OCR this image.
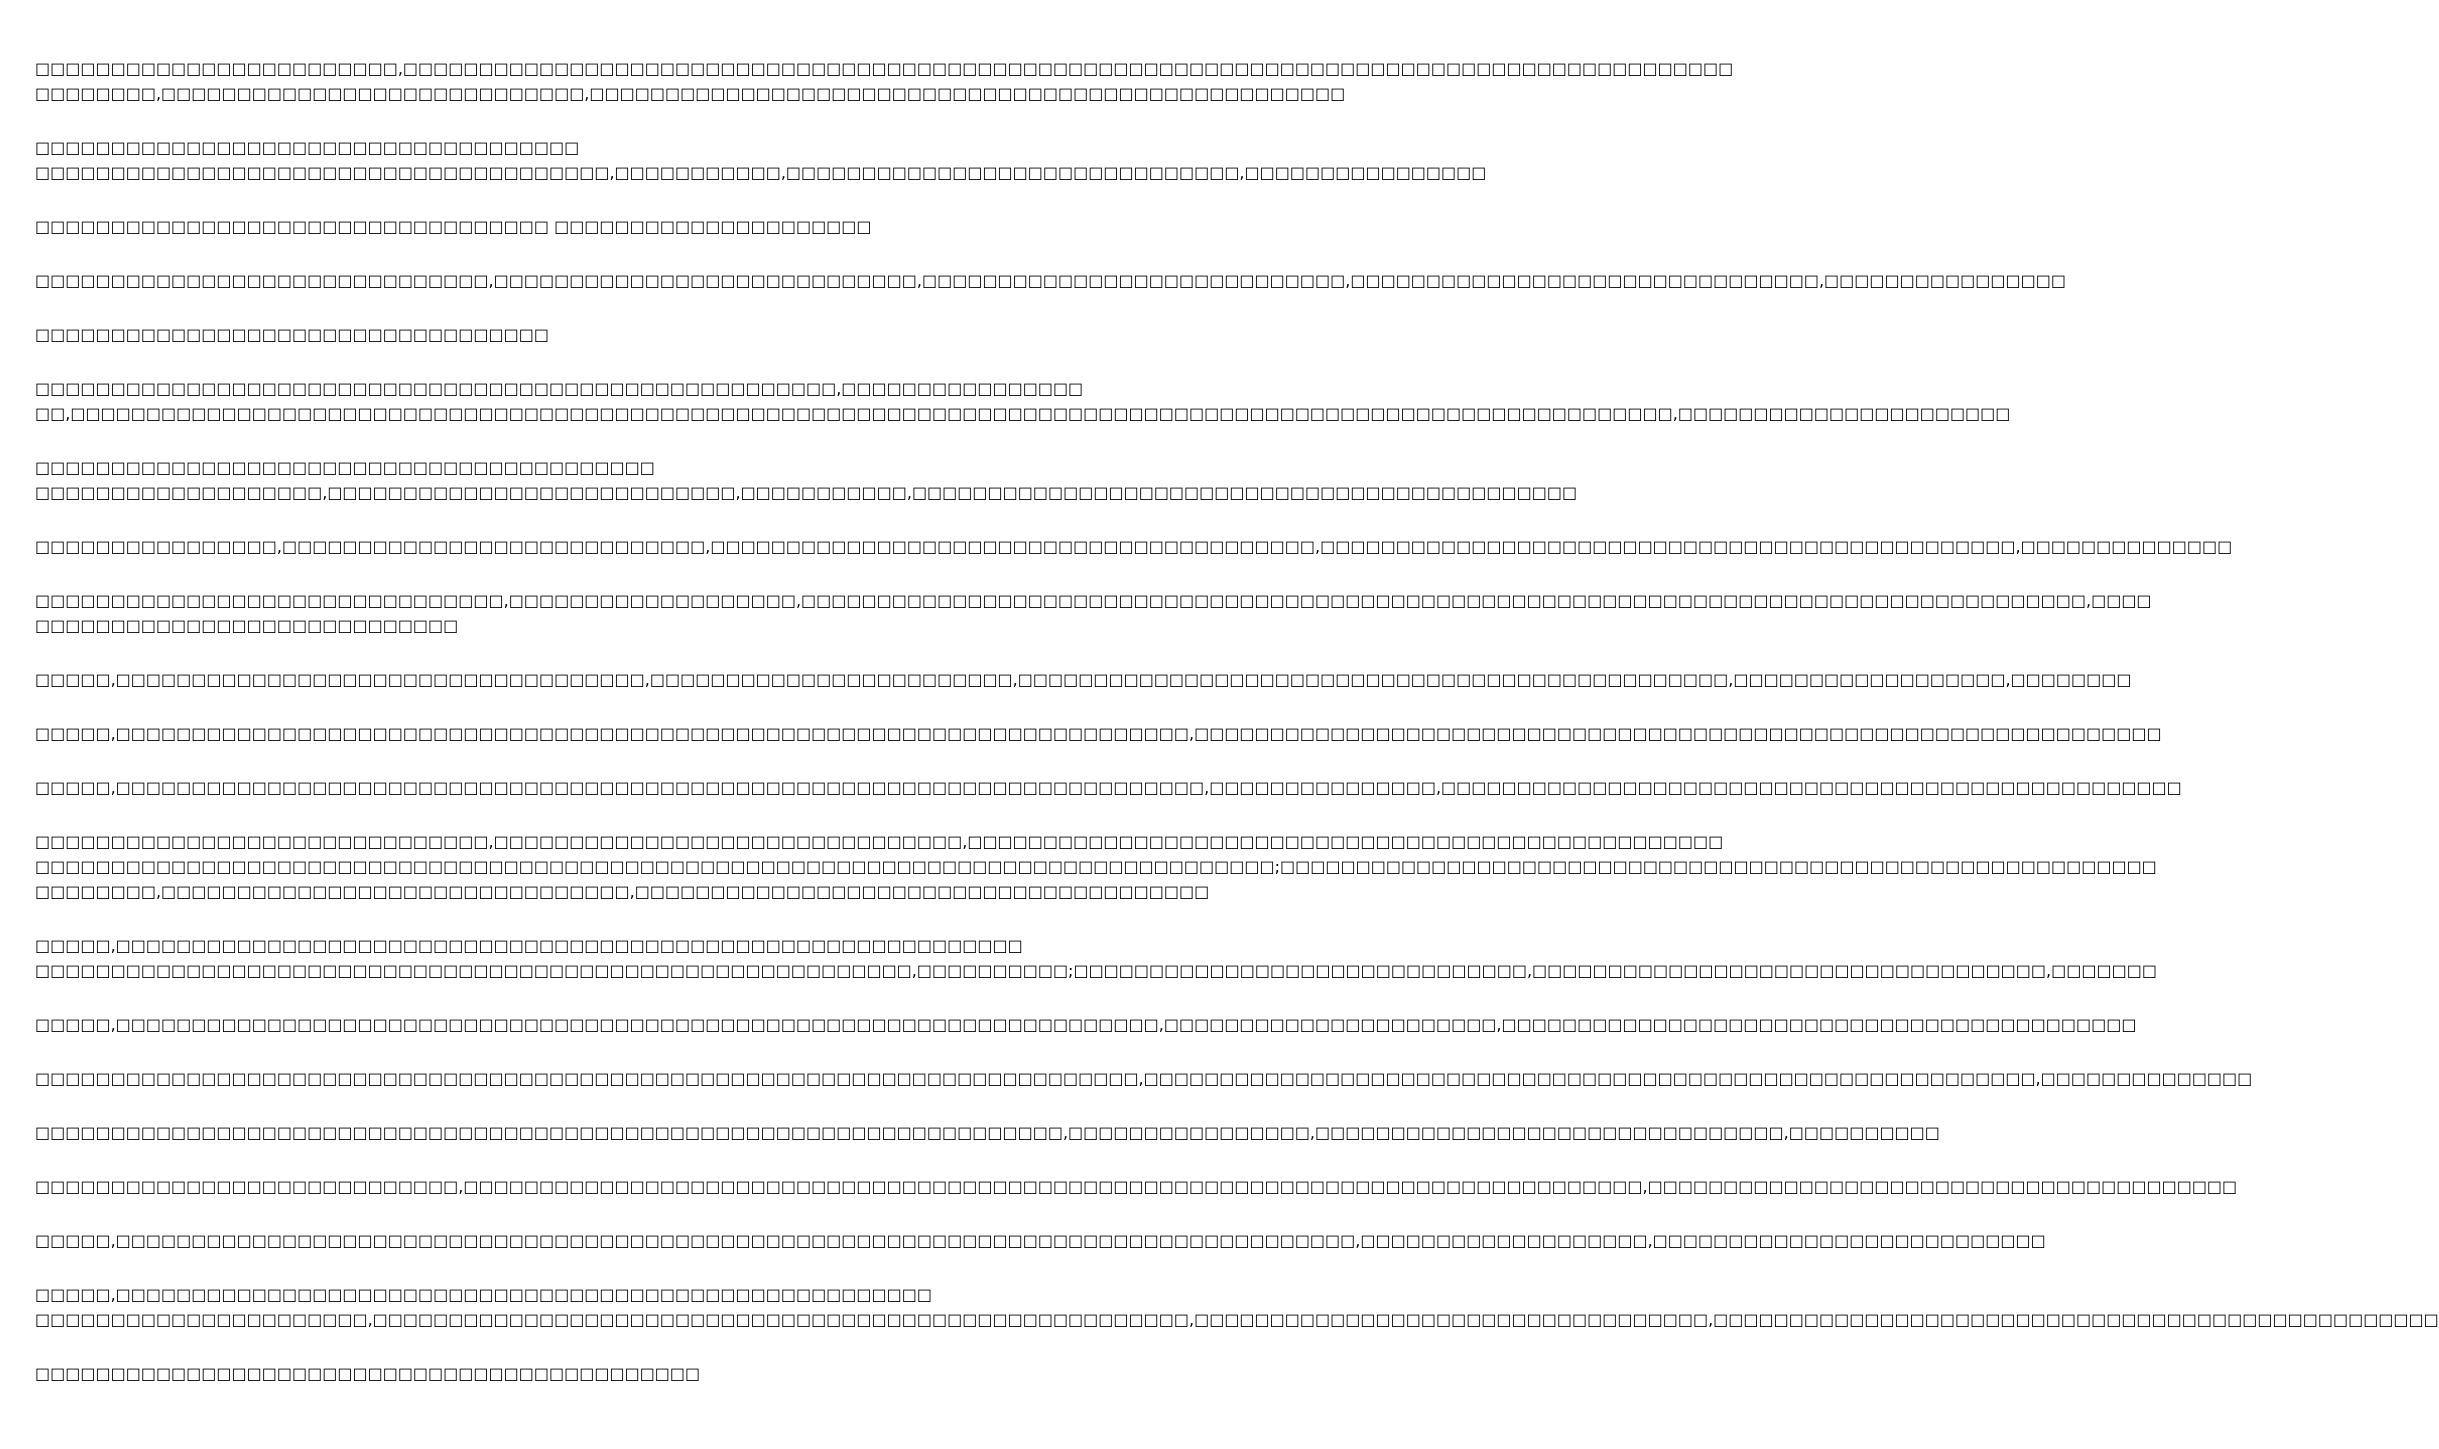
□□□□□□□□□□□□□□□□□□□□□□□□,□□□□□□□□□□□□□□□□□□□□□□□□□□□□□□□□□□□□□□□□□□□□□□□□□□□□□□□□□□□□□□□□□□□□□□□□□□□□□□□□□□□□□□□□
□□□□□□□□,□□□□□□□□□□□□□□□□□□□□□□□□□□□□,□□□□□□□□□□□□□□□□□□□□□□□□□□□□□□□□□□□□□□□□□□□□□□□□□□
□□□□□□□□□□□□□□□□□□□□□□□□□□□□□□□□□□□□
□□□□□□□□□□□□□□□□□□□□□□□□□□□□□□□□□□□□□□,□□□□□□□□□□□,□□□□□□□□□□□□□□□□□□□□□□□□□□□□□□,□□□□□□□□□□□□□□□□
□□□□□□□□□□□□□□□□□□□□□□□□□□□□□□□□□□ □□□□□□□□□□□□□□□□□□□□□
□□□□□□□□□□□□□□□□□□□□□□□□□□□□□□,□□□□□□□□□□□□□□□□□□□□□□□□□□□□,□□□□□□□□□□□□□□□□□□□□□□□□□□□□,□□□□□□□□□□□□□□□□□□□□□□□□□□□□□□□,□□□□□□□□□□□□□□□□
□□□□□□□□□□□□□□□□□□□□□□□□□□□□□□□□□□
□□□□□□□□□□□□□□□□□□□□□□□□□□□□□□□□□□□□□□□□□□□□□□□□□□□□□,□□□□□□□□□□□□□□□□
□□,□□□□□□□□□□□□□□□□□□□□□□□□□□□□□□□□□□□□□□□□□□□□□□□□□□□□□□□□□□□□□□□□□□□□□□□□□□□□□□□□□□□□□□□□□□□□□□□□□□□□□□□□□□,□□□□□□□□□□□□□□□□□□□□□□
□□□□□□□□□□□□□□□□□□□□□□□□□□□□□□□□□□□□□□□□□
□□□□□□□□□□□□□□□□□□□,□□□□□□□□□□□□□□□□□□□□□□□□□□□,□□□□□□□□□□□,□□□□□□□□□□□□□□□□□□□□□□□□□□□□□□□□□□□□□□□□□□□□
□□□□□□□□□□□□□□□□,□□□□□□□□□□□□□□□□□□□□□□□□□□□□,□□□□□□□□□□□□□□□□□□□□□□□□□□□□□□□□□□□□□□□□,□□□□□□□□□□□□□□□□□□□□□□□□□□□□□□□□□□□□□□□□□□□□□□,□□□□□□□□□□□□□□
□□□□□□□□□□□□□□□□□□□□□□□□□□□□□□□,□□□□□□□□□□□□□□□□□□□,□□□□□□□□□□□□□□□□□□□□□□□□□□□□□□□□□□□□□□□□□□□□□□□□□□□□□□□□□□□□□□□□□□□□□□□□□□□□□□□□□□□□□,□□□□
□□□□□□□□□□□□□□□□□□□□□□□□□□□□
□□□□□,□□□□□□□□□□□□□□□□□□□□□□□□□□□□□□□□□□□,□□□□□□□□□□□□□□□□□□□□□□□□,□□□□□□□□□□□□□□□□□□□□□□□□□□□□□□□□□□□□□□□□□□□□□□□,□□□□□□□□□□□□□□□□□□,□□□□□□□□
□□□□□,□□□□□□□□□□□□□□□□□□□□□□□□□□□□□□□□□□□□□□□□□□□□□□□□□□□□□□□□□□□□□□□□□□□□□□□,□□□□□□□□□□□□□□□□□□□□□□□□□□□□□□□□□□□□□□□□□□□□□□□□□□□□□□□□□□□□□□□□
□□□□□,□□□□□□□□□□□□□□□□□□□□□□□□□□□□□□□□□□□□□□□□□□□□□□□□□□□□□□□□□□□□□□□□□□□□□□□□,□□□□□□□□□□□□□□□,□□□□□□□□□□□□□□□□□□□□□□□□□□□□□□□□□□□□□□□□□□□□□□□□□
□□□□□□□□□□□□□□□□□□□□□□□□□□□□□□,□□□□□□□□□□□□□□□□□□□□□□□□□□□□□□□,□□□□□□□□□□□□□□□□□□□□□□□□□□□□□□□□□□□□□□□□□□□□□□□□□□
□□□□□□□□□□□□□□□□□□□□□□□□□□□□□□□□□□□□□□□□□□□□□□□□□□□□□□□□□□□□□□□□□□□□□□□□□□□□□□□□□□;□□□□□□□□□□□□□□□□□□□□□□□□□□□□□□□□□□□□□□□□□□□□□□□□□□□□□□□□□□
□□□□□□□□,□□□□□□□□□□□□□□□□□□□□□□□□□□□□□□□,□□□□□□□□□□□□□□□□□□□□□□□□□□□□□□□□□□□□□□
□□□□□,□□□□□□□□□□□□□□□□□□□□□□□□□□□□□□□□□□□□□□□□□□□□□□□□□□□□□□□□□□□□
□□□□□□□□□□□□□□□□□□□□□□□□□□□□□□□□□□□□□□□□□□□□□□□□□□□□□□□□□□,□□□□□□□□□□;□□□□□□□□□□□□□□□□□□□□□□□□□□□□□□,□□□□□□□□□□□□□□□□□□□□□□□□□□□□□□□□□□,□□□□□□□
□□□□□,□□□□□□□□□□□□□□□□□□□□□□□□□□□□□□□□□□□□□□□□□□□□□□□□□□□□□□□□□□□□□□□□□□□□□,□□□□□□□□□□□□□□□□□□□□□□,□□□□□□□□□□□□□□□□□□□□□□□□□□□□□□□□□□□□□□□□□□
□□□□□□□□□□□□□□□□□□□□□□□□□□□□□□□□□□□□□□□□□□□□□□□□□□□□□□□□□□□□□□□□□□□□□□□□□,□□□□□□□□□□□□□□□□□□□□□□□□□□□□□□□□□□□□□□□□□□□□□□□□□□□□□□□□□□□,□□□□□□□□□□□□□□
□□□□□□□□□□□□□□□□□□□□□□□□□□□□□□□□□□□□□□□□□□□□□□□□□□□□□□□□□□□□□□□□□□□□,□□□□□□□□□□□□□□□□,□□□□□□□□□□□□□□□□□□□□□□□□□□□□□□□,□□□□□□□□□□
□□□□□□□□□□□□□□□□□□□□□□□□□□□□,□□□□□□□□□□□□□□□□□□□□□□□□□□□□□□□□□□□□□□□□□□□□□□□□□□□□□□□□□□□□□□□□□□□□□□□□□□□□□□,□□□□□□□□□□□□□□□□□□□□□□□□□□□□□□□□□□□□□□□
□□□□□,□□□□□□□□□□□□□□□□□□□□□□□□□□□□□□□□□□□□□□□□□□□□□□□□□□□□□□□□□□□□□□□□□□□□□□□□□□□□□□□□□□,□□□□□□□□□□□□□□□□□□□,□□□□□□□□□□□□□□□□□□□□□□□□□□
□□□□□,□□□□□□□□□□□□□□□□□□□□□□□□□□□□□□□□□□□□□□□□□□□□□□□□□□□□□□
□□□□□□□□□□□□□□□□□□□□□□,□□□□□□□□□□□□□□□□□□□□□□□□□□□□□□□□□□□□□□□□□□□□□□□□□□□□□□,□□□□□□□□□□□□□□□□□□□□□□□□□□□□□□□□□□,□□□□□□□□□□□□□□□□□□□□□□□□□□□□□□□□□□□□□□□□□□□□□□□□
□□□□□□□□□□□□□□□□□□□□□□□□□□□□□□□□□□□□□□□□□□□□
